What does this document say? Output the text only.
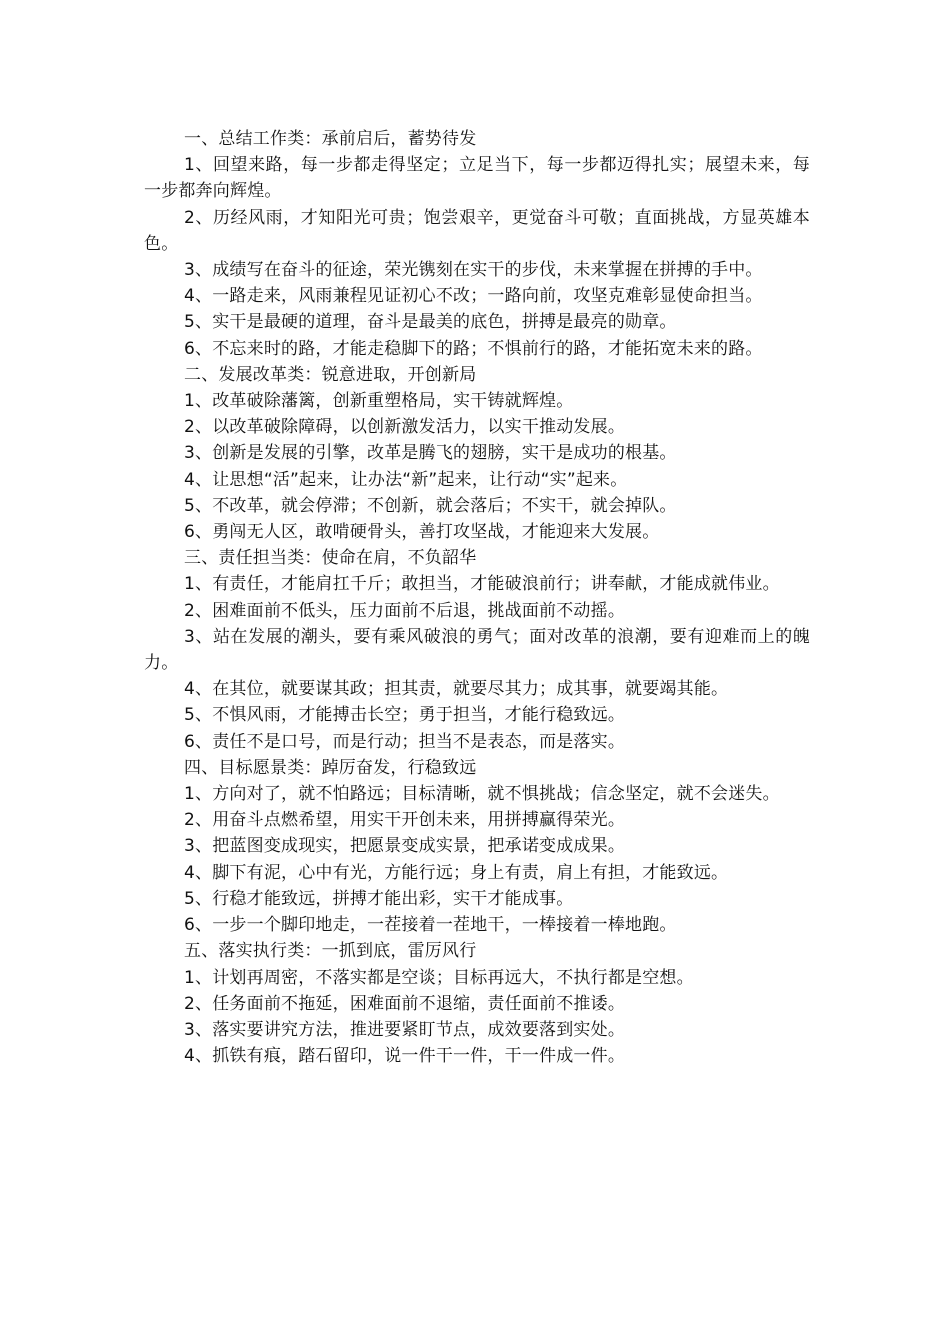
一、总结工作类：承前启后，蓄势待发

1、回望来路，每一步都走得坚定；立足当下，每一步都迈得扎实；展望未来，每一步都奔向辉煌。

2、历经风雨，才知阳光可贵；饱尝艰辛，更觉奋斗可敬；直面挑战，方显英雄本色。

3、成绩写在奋斗的征途，荣光镌刻在实干的步伐，未来掌握在拼搏的手中。

4、一路走来，风雨兼程见证初心不改；一路向前，攻坚克难彰显使命担当。

5、实干是最硬的道理，奋斗是最美的底色，拼搏是最亮的勋章。

6、不忘来时的路，才能走稳脚下的路；不惧前行的路，才能拓宽未来的路。

二、发展改革类：锐意进取，开创新局

1、改革破除藩篱，创新重塑格局，实干铸就辉煌。

2、以改革破除障碍，以创新激发活力，以实干推动发展。

3、创新是发展的引擎，改革是腾飞的翅膀，实干是成功的根基。

4、让思想“活”起来，让办法“新”起来，让行动“实”起来。

5、不改革，就会停滞；不创新，就会落后；不实干，就会掉队。

6、勇闯无人区，敢啃硬骨头，善打攻坚战，才能迎来大发展。

三、责任担当类：使命在肩，不负韶华

1、有责任，才能肩扛千斤；敢担当，才能破浪前行；讲奉献，才能成就伟业。

2、困难面前不低头，压力面前不后退，挑战面前不动摇。

3、站在发展的潮头，要有乘风破浪的勇气；面对改革的浪潮，要有迎难而上的魄力。

4、在其位，就要谋其政；担其责，就要尽其力；成其事，就要竭其能。

5、不惧风雨，才能搏击长空；勇于担当，才能行稳致远。

6、责任不是口号，而是行动；担当不是表态，而是落实。

四、目标愿景类：踔厉奋发，行稳致远

1、方向对了，就不怕路远；目标清晰，就不惧挑战；信念坚定，就不会迷失。

2、用奋斗点燃希望，用实干开创未来，用拼搏赢得荣光。

3、把蓝图变成现实，把愿景变成实景，把承诺变成成果。

4、脚下有泥，心中有光，方能行远；身上有责，肩上有担，才能致远。

5、行稳才能致远，拼搏才能出彩，实干才能成事。

6、一步一个脚印地走，一茬接着一茬地干，一棒接着一棒地跑。

五、落实执行类：一抓到底，雷厉风行

1、计划再周密，不落实都是空谈；目标再远大，不执行都是空想。

2、任务面前不拖延，困难面前不退缩，责任面前不推诿。

3、落实要讲究方法，推进要紧盯节点，成效要落到实处。

4、抓铁有痕，踏石留印，说一件干一件，干一件成一件。
